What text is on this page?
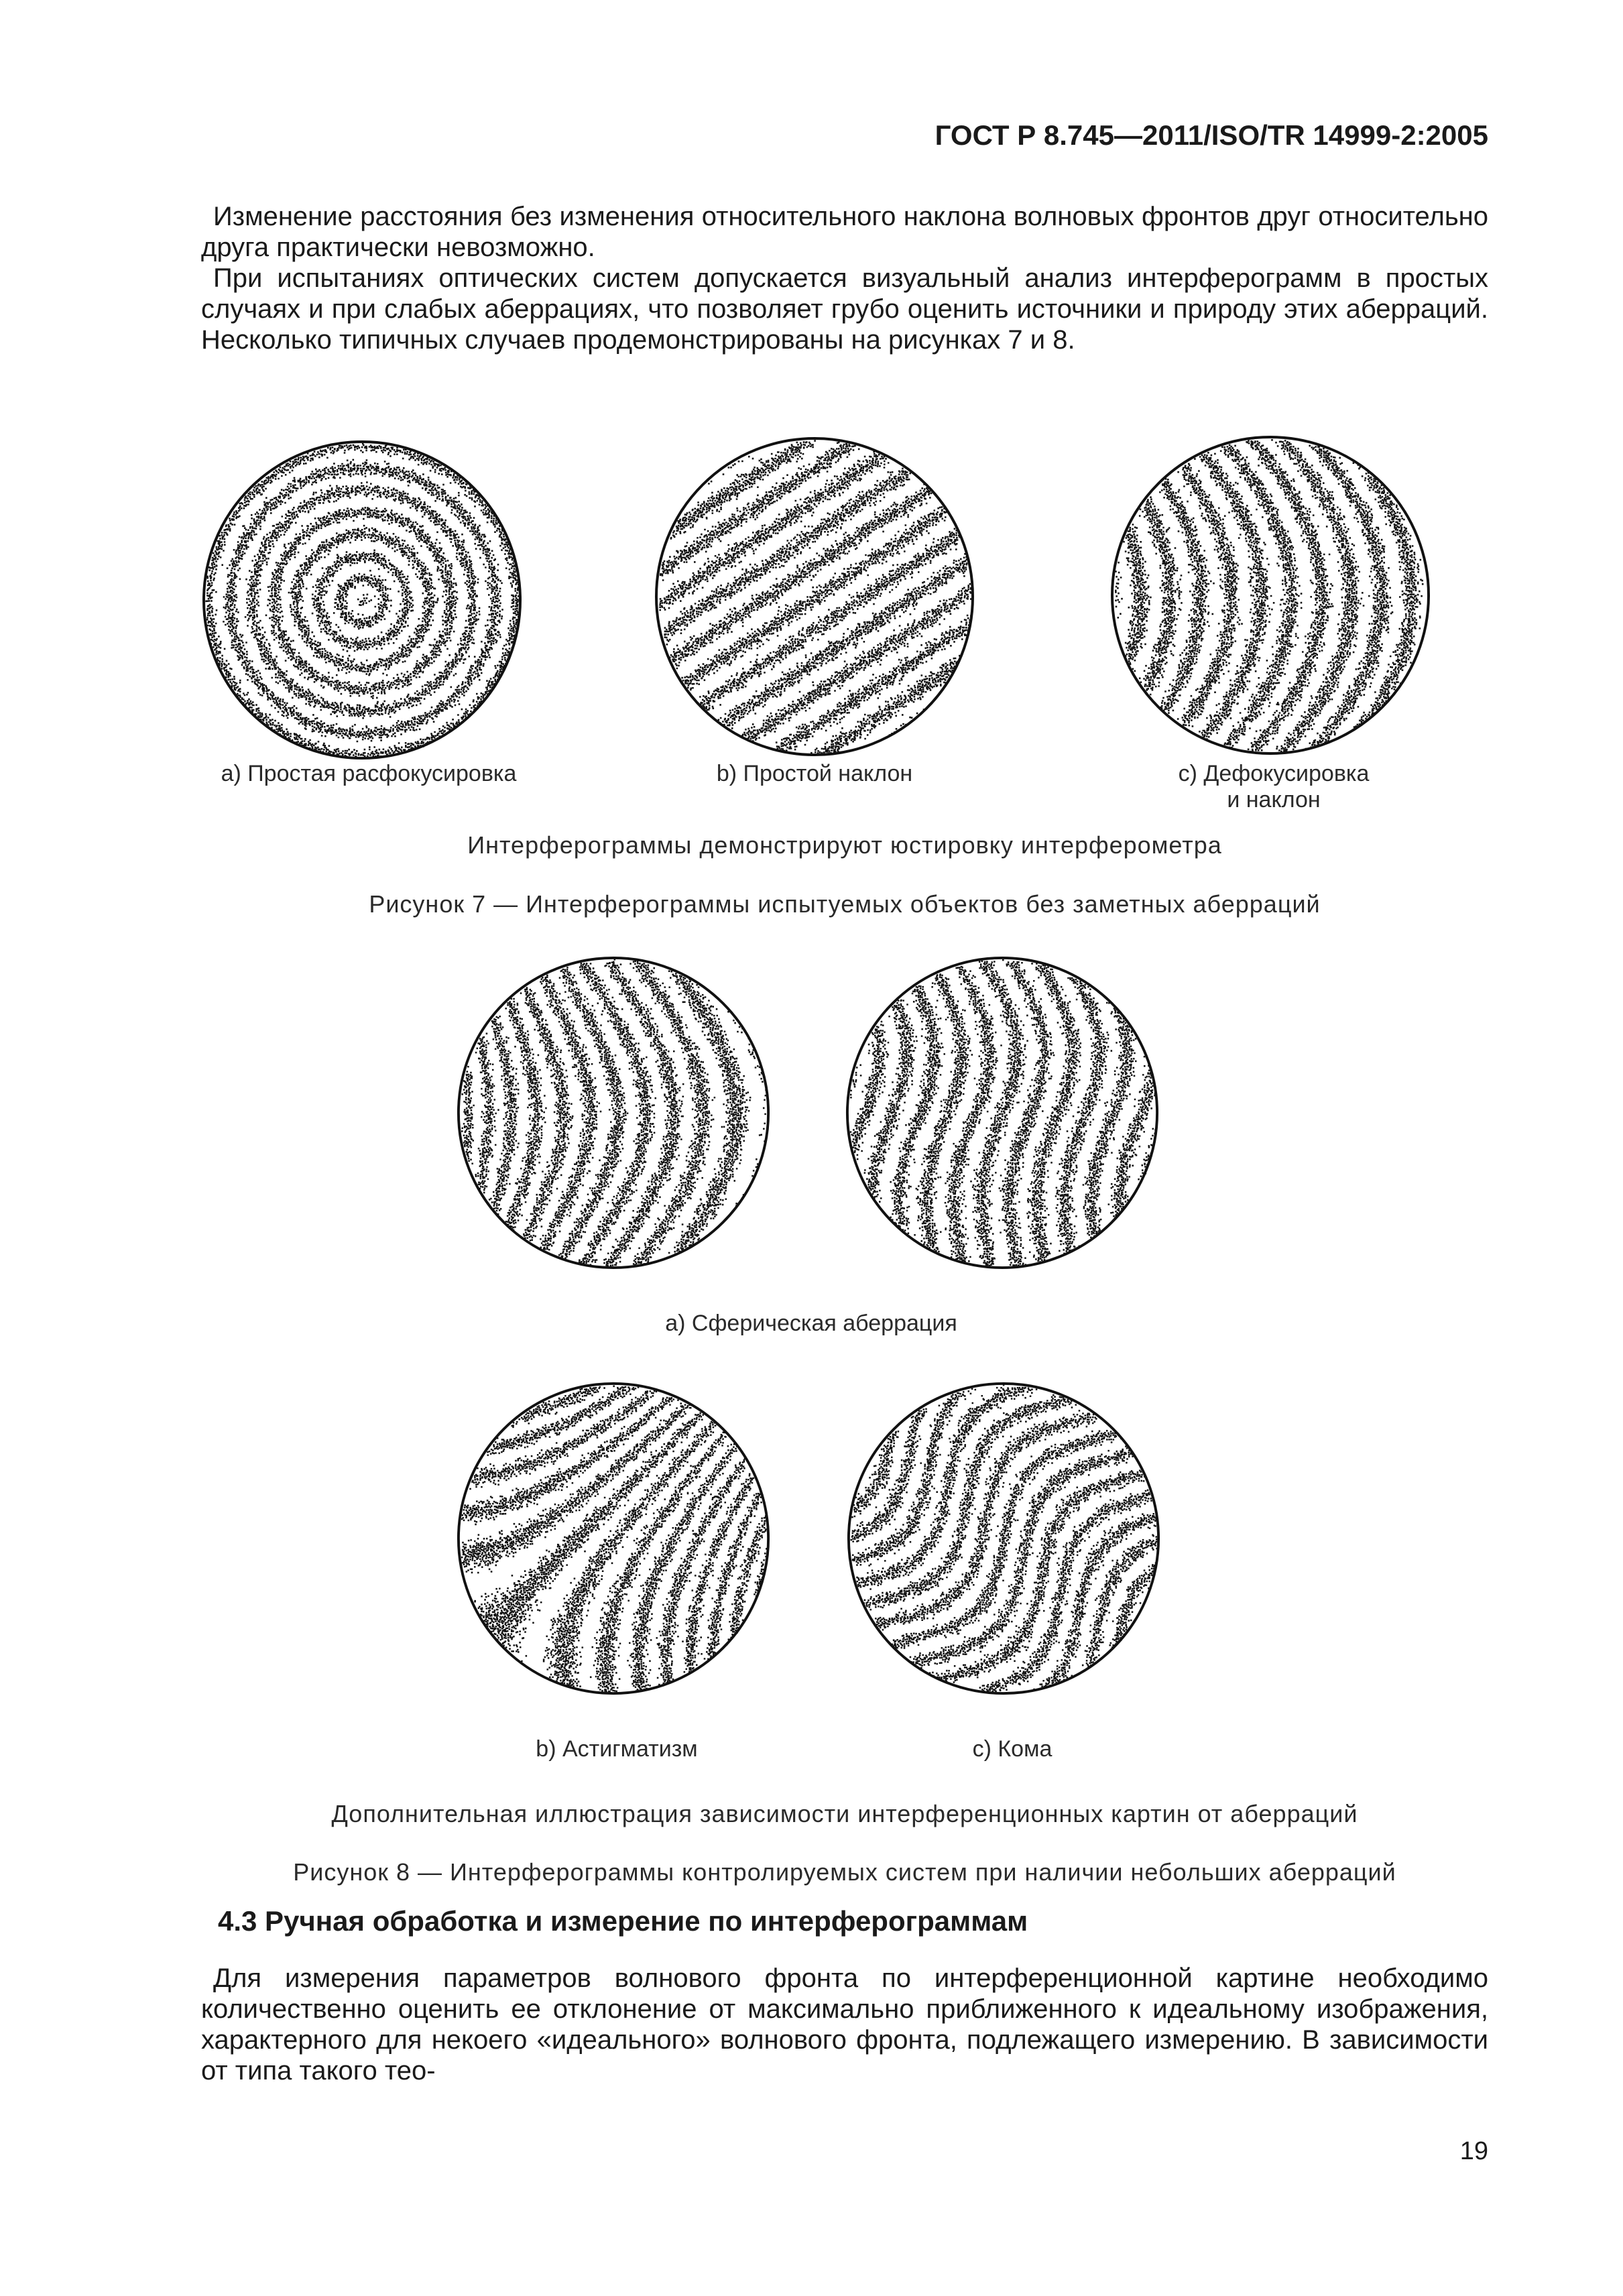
ГОСТ Р 8.745—2011/ISO/TR 14999-2:2005

Изменение расстояния без изменения относительного наклона волновых фронтов друг относительно друга практически невозможно.

При испытаниях оптических систем допускается визуальный анализ интерферограмм в простых случаях и при слабых аберрациях, что позволяет грубо оценить источники и природу этих аберраций. Несколько типичных случаев продемонстрированы на рисунках 7 и 8.

a) Простая расфокусировка	b) Простой наклон	c) Дефокусировка
и наклон
Интерферограммы демонстрируют юстировку интерферометра
Рисунок 7 — Интерферограммы испытуемых объектов без заметных аберраций
a) Сферическая аберрация
b) Астигматизм	c) Кома
Дополнительная иллюстрация зависимости интерференционных картин от аберраций
Рисунок 8 — Интерферограммы контролируемых систем при наличии небольших аберраций
4.3 Ручная обработка и измерение по интерферограммам

Для измерения параметров волнового фронта по интерференционной картине необходимо количественно оценить ее отклонение от максимально приближенного к идеальному изображения, характерного для некоего «идеального» волнового фронта, подлежащего измерению. В зависимости от типа такого тео-

19
